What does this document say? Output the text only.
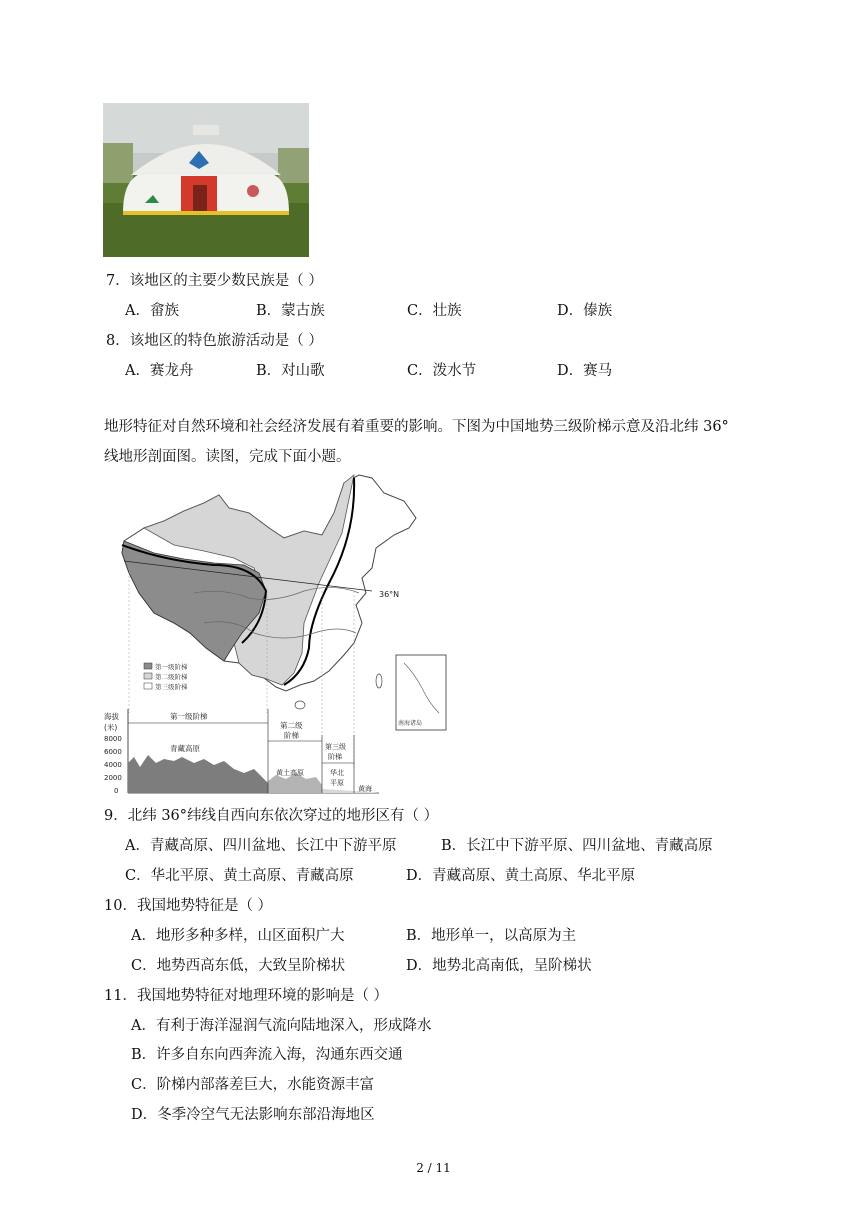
7．该地区的主要少数民族是（ ）
A．畲族	B．蒙古族	C．壮族	D．傣族
8．该地区的特色旅游活动是（ ）
A．赛龙舟	B．对山歌	C．泼水节	D．赛马
地形特征对自然环境和社会经济发展有着重要的影响。下图为中国地势三级阶梯示意及沿北纬 36°
线地形剖面图。读图，完成下面小题。
36°N
第一级阶梯
第二级阶梯
第三级阶梯
南海诸岛
海拔
(米)
8000
6000
4000
2000
0
第一级阶梯
第二级
阶梯
第三级
阶梯
青藏高原
黄土高原	华北
平原
黄海
9．北纬 36°纬线自西向东依次穿过的地形区有（ ）
A．青藏高原、四川盆地、长江中下游平原	B．长江中下游平原、四川盆地、青藏高原
C．华北平原、黄土高原、青藏高原	D．青藏高原、黄土高原、华北平原
10．我国地势特征是（ ）
A．地形多种多样，山区面积广大	B．地形单一，以高原为主
C．地势西高东低，大致呈阶梯状	D．地势北高南低，呈阶梯状
11．我国地势特征对地理环境的影响是（ ）
A．有利于海洋湿润气流向陆地深入，形成降水
B．许多自东向西奔流入海，沟通东西交通
C．阶梯内部落差巨大，水能资源丰富
D．冬季冷空气无法影响东部沿海地区
2 / 11
